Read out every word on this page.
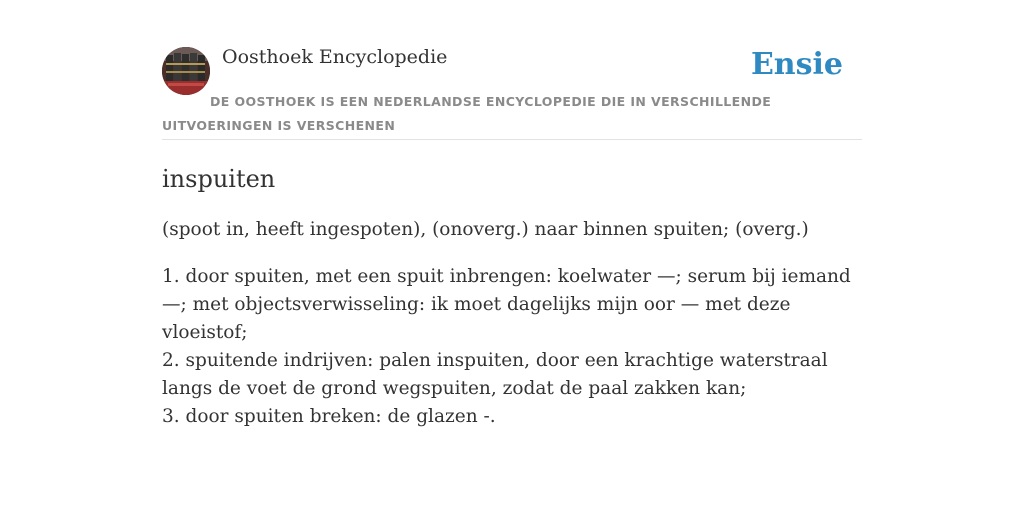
Oosthoek Encyclopedie	Ensie

DE OOSTHOEK IS EEN NEDERLANDSE ENCYCLOPEDIE DIE IN VERSCHILLENDE UITVOERINGEN IS VERSCHENEN

inspuiten

(spoot in, heeft ingespoten), (onoverg.) naar binnen spuiten; (overg.)

1. door spuiten, met een spuit inbrengen: koelwater —; serum bij iemand —; met objectsverwisseling: ik moet dagelijks mijn oor — met deze vloeistof;
2. spuitende indrijven: palen inspuiten, door een krachtige waterstraal langs de voet de grond wegspuiten, zodat de paal zakken kan;
3. door spuiten breken: de glazen -.
